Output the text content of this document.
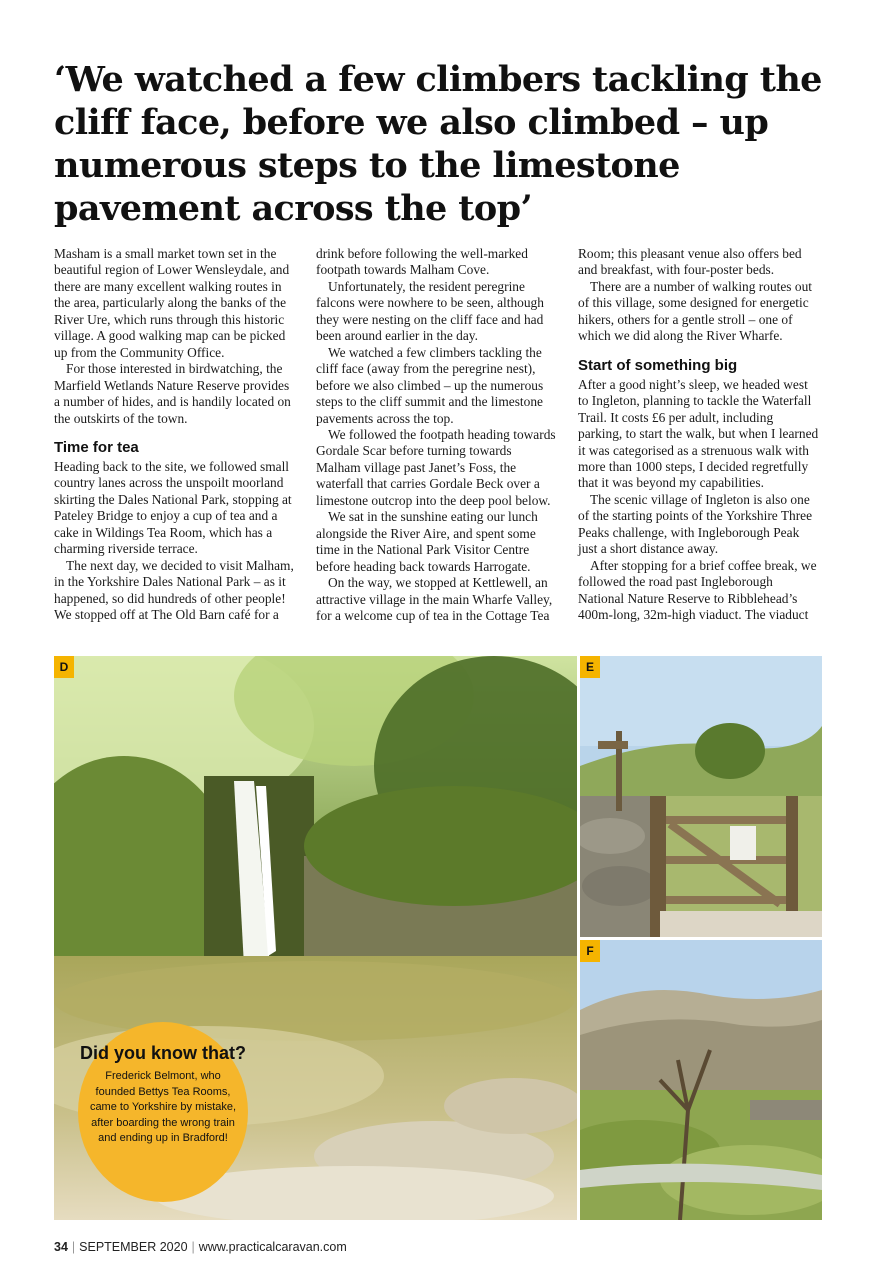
‘We watched a few climbers tackling the cliff face, before we also climbed – up numerous steps to the limestone pavement across the top’

Masham is a small market town set in the beautiful region of Lower Wensleydale, and there are many excellent walking routes in the area, particularly along the banks of the River Ure, which runs through this historic village. A good walking map can be picked up from the Community Office.

For those interested in birdwatching, the Marfield Wetlands Nature Reserve provides a number of hides, and is handily located on the outskirts of the town.

Time for tea

Heading back to the site, we followed small country lanes across the unspoilt moorland skirting the Dales National Park, stopping at Pateley Bridge to enjoy a cup of tea and a cake in Wildings Tea Room, which has a charming riverside terrace.

The next day, we decided to visit Malham, in the Yorkshire Dales National Park – as it happened, so did hundreds of other people! We stopped off at The Old Barn café for a

drink before following the well-marked footpath towards Malham Cove.

Unfortunately, the resident peregrine falcons were nowhere to be seen, although they were nesting on the cliff face and had been around earlier in the day.

We watched a few climbers tackling the cliff face (away from the peregrine nest), before we also climbed – up the numerous steps to the cliff summit and the limestone pavements across the top.

We followed the footpath heading towards Gordale Scar before turning towards Malham village past Janet’s Foss, the waterfall that carries Gordale Beck over a limestone outcrop into the deep pool below.

We sat in the sunshine eating our lunch alongside the River Aire, and spent some time in the National Park Visitor Centre before heading back towards Harrogate.

On the way, we stopped at Kettlewell, an attractive village in the main Wharfe Valley, for a welcome cup of tea in the Cottage Tea

Room; this pleasant venue also offers bed and breakfast, with four-poster beds.

There are a number of walking routes out of this village, some designed for energetic hikers, others for a gentle stroll – one of which we did along the River Wharfe.

Start of something big

After a good night’s sleep, we headed west to Ingleton, planning to tackle the Waterfall Trail. It costs £6 per adult, including parking, to start the walk, but when I learned it was categorised as a strenuous walk with more than 1000 steps, I decided regretfully that it was beyond my capabilities.

The scenic village of Ingleton is also one of the starting points of the Yorkshire Three Peaks challenge, with Ingleborough Peak just a short distance away.

After stopping for a brief coffee break, we followed the road past Ingleborough National Nature Reserve to Ribblehead’s 400m-long, 32m-high viaduct. The viaduct

D	E
F
Did you know that?
Frederick Belmont, who founded Bettys Tea Rooms, came to Yorkshire by mistake, after boarding the wrong train and ending up in Bradford!
34 | SEPTEMBER 2020 | www.practicalcaravan.com
